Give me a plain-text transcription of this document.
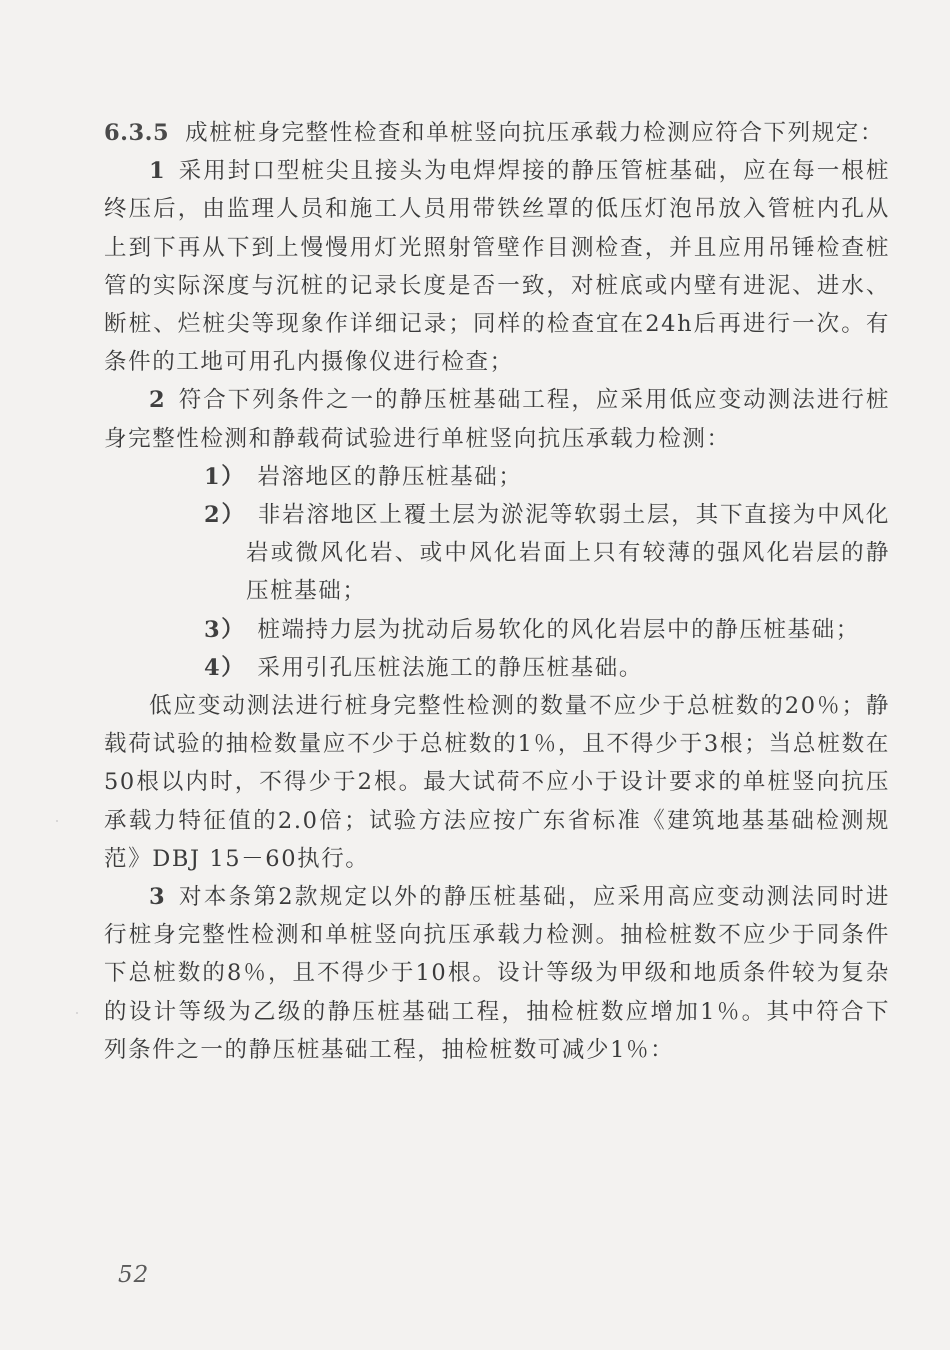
6.3.5 成桩桩身完整性检查和单桩竖向抗压承载力检测应符合下列规定：

1 采用封口型桩尖且接头为电焊焊接的静压管桩基础，应在每一根桩终压后，由监理人员和施工人员用带铁丝罩的低压灯泡吊放入管桩内孔从上到下再从下到上慢慢用灯光照射管壁作目测检查，并且应用吊锤检查桩管的实际深度与沉桩的记录长度是否一致，对桩底或内壁有进泥、进水、断桩、烂桩尖等现象作详细记录；同样的检查宜在24h后再进行一次。有条件的工地可用孔内摄像仪进行检查；

2 符合下列条件之一的静压桩基础工程，应采用低应变动测法进行桩身完整性检测和静载荷试验进行单桩竖向抗压承载力检测：

1） 岩溶地区的静压桩基础；

2） 非岩溶地区上覆土层为淤泥等软弱土层，其下直接为中风化岩或微风化岩、或中风化岩面上只有较薄的强风化岩层的静压桩基础；

3） 桩端持力层为扰动后易软化的风化岩层中的静压桩基础；

4） 采用引孔压桩法施工的静压桩基础。

低应变动测法进行桩身完整性检测的数量不应少于总桩数的20％；静载荷试验的抽检数量应不少于总桩数的1％，且不得少于3根；当总桩数在50根以内时，不得少于2根。最大试荷不应小于设计要求的单桩竖向抗压承载力特征值的2.0倍；试验方法应按广东省标准《建筑地基基础检测规范》DBJ 15－60执行。

3 对本条第2款规定以外的静压桩基础，应采用高应变动测法同时进行桩身完整性检测和单桩竖向抗压承载力检测。抽检桩数不应少于同条件下总桩数的8％，且不得少于10根。设计等级为甲级和地质条件较为复杂的设计等级为乙级的静压桩基础工程，抽检桩数应增加1％。其中符合下列条件之一的静压桩基础工程，抽检桩数可减少1％：

52
